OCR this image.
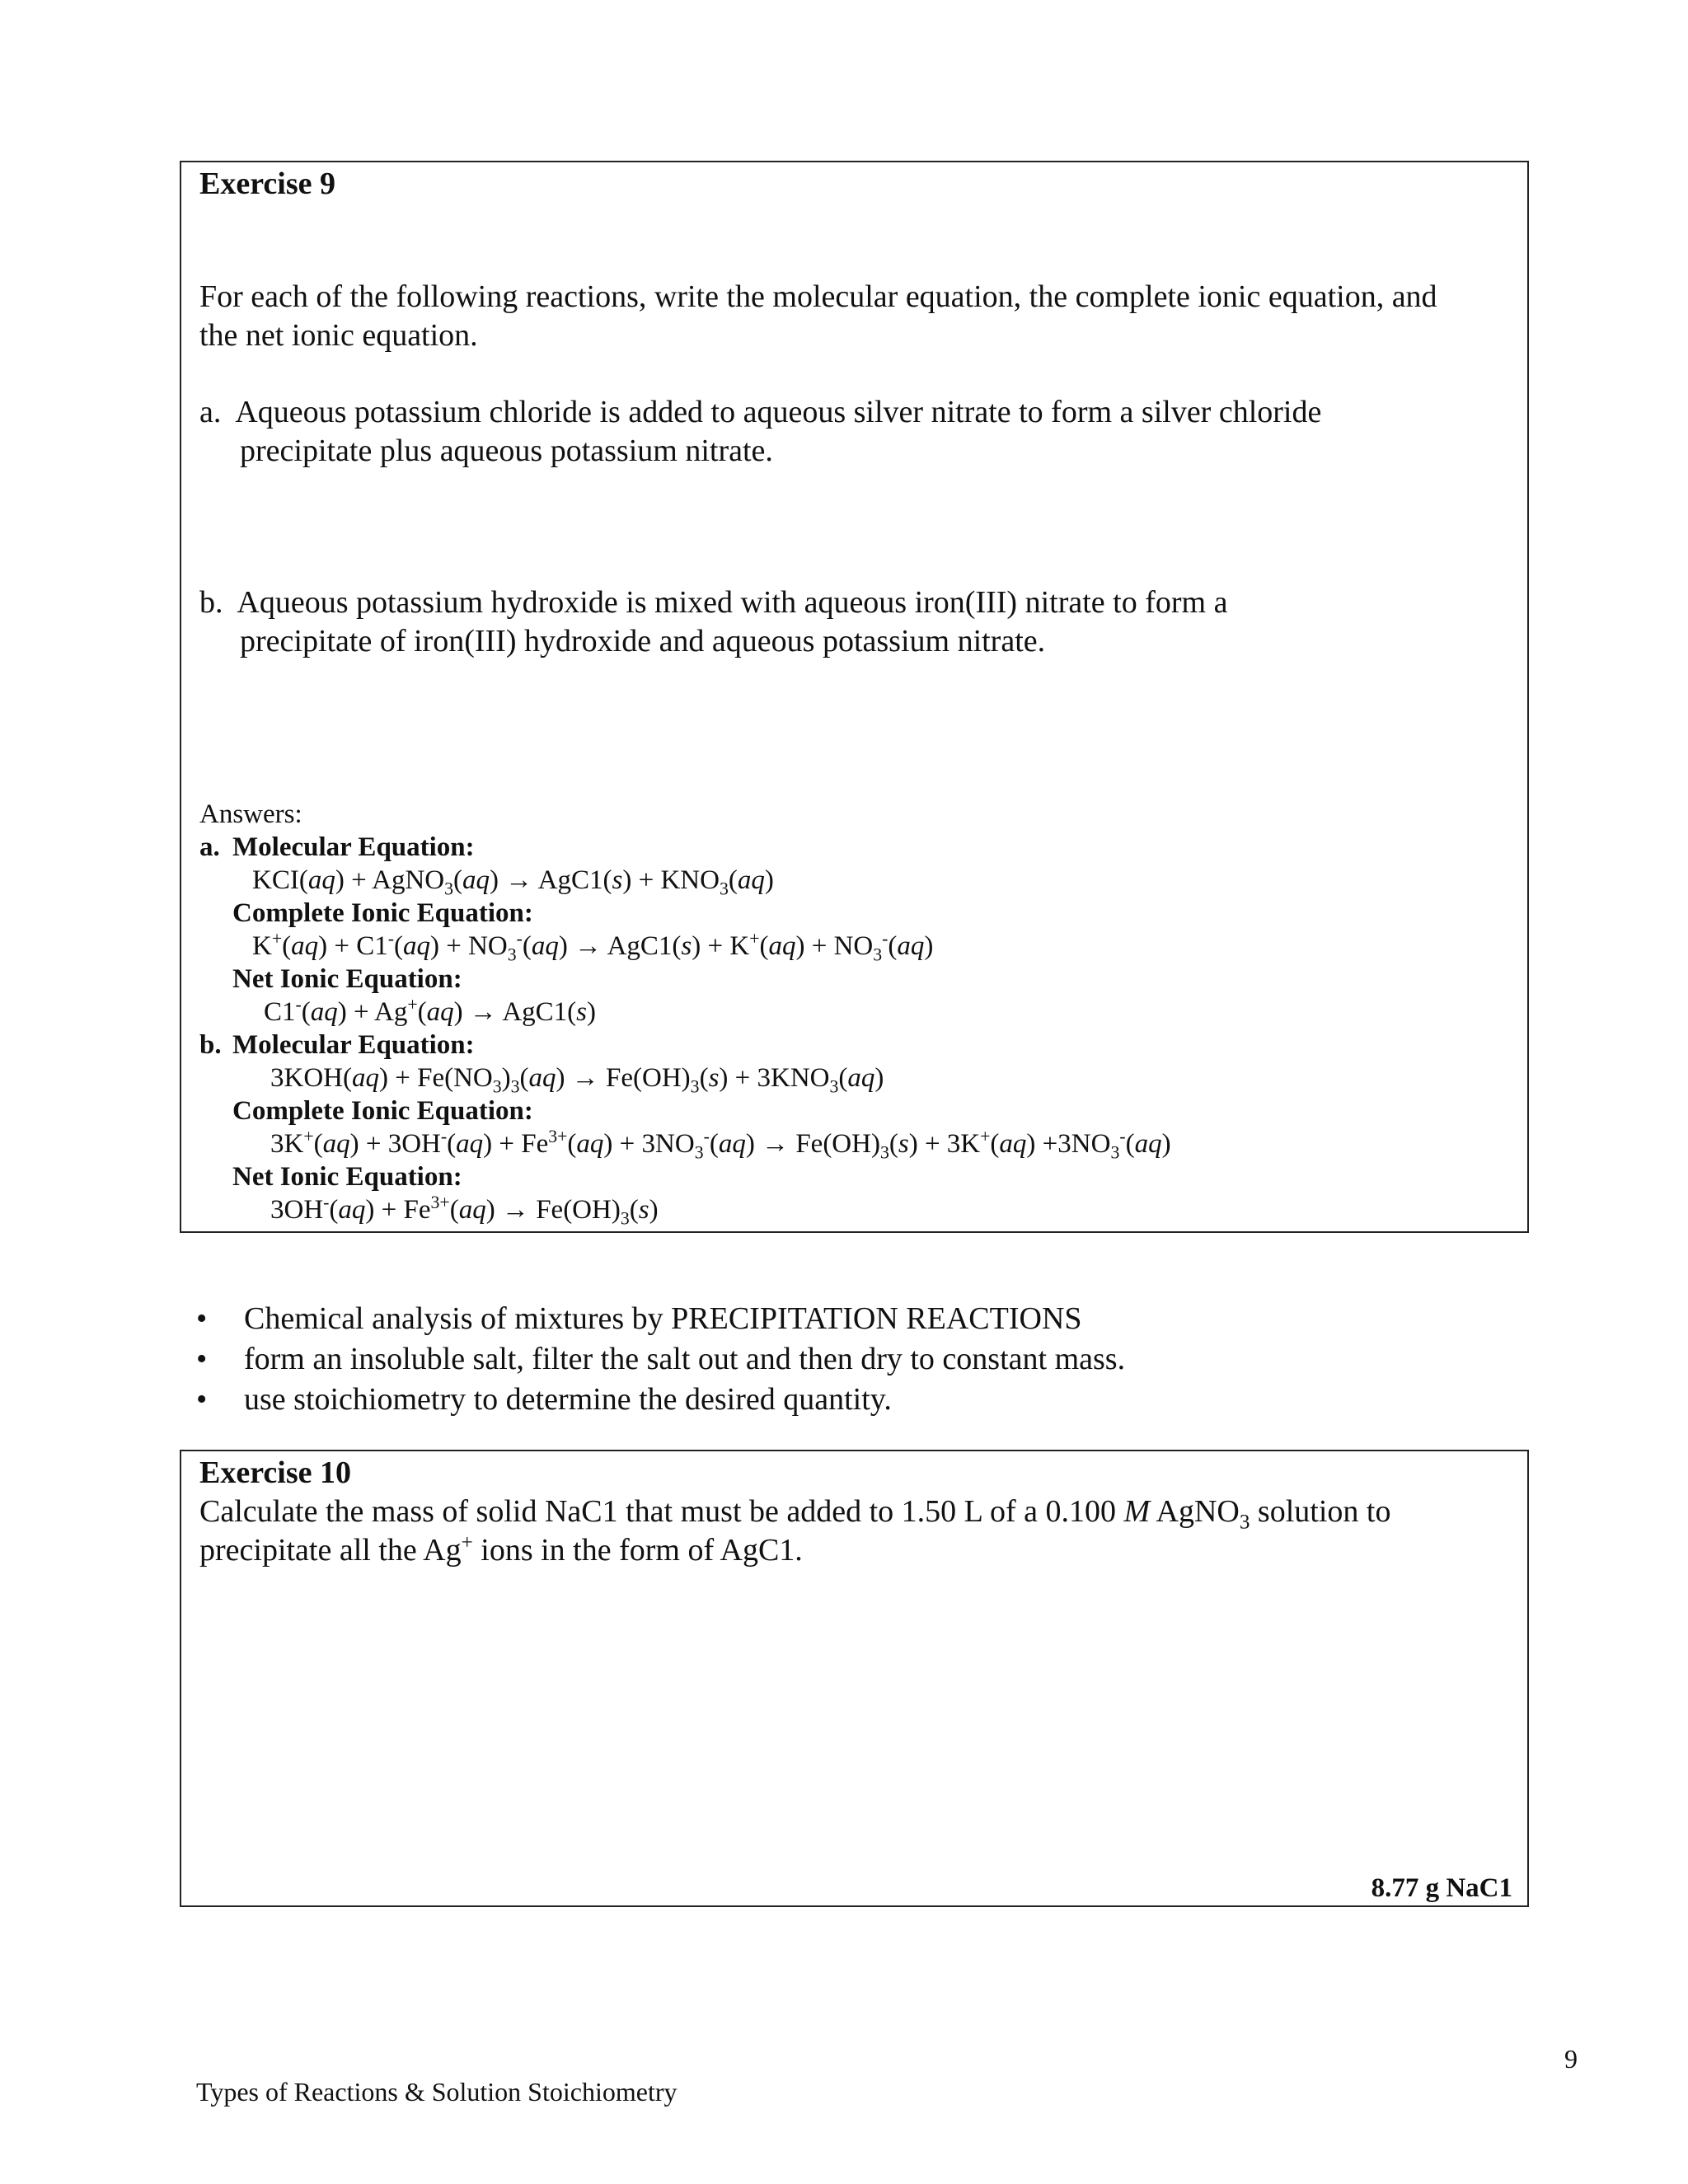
Exercise 9
For each of the following reactions, write the molecular equation, the complete ionic equation, and
the net ionic equation.
a.  Aqueous potassium chloride is added to aqueous silver nitrate to form a silver chloride
precipitate plus aqueous potassium nitrate.
b.  Aqueous potassium hydroxide is mixed with aqueous iron(III) nitrate to form a
precipitate of iron(III) hydroxide and aqueous potassium nitrate.
Answers:
a. Molecular Equation:
KCI(aq) + AgNO$_3$(aq) → $AgC1(s) + KNO_3(aq)$
Complete Ionic Equation:
$K^+(aq) + C1^-(aq) + NO_3^-(aq) \to AgC1(s) + K^+(aq) + NO_3^-(aq)$
Net Ionic Equation:
C1-(aq) + Ag+(aq) → AgC1(s)
b. Molecular Equation:
$3KOH(aq) + Fe(NO_3)_3(aq) \to Fe(OH)_3(s) + 3KNO_3(aq)$
Complete Ionic Equation:
$3K^+(aq) + 3OH^-(aq) + Fe^{3+}(aq) + 3NO_3^-(aq) \to Fe(OH)_3(s) + 3K^+(aq) +3NO_3^-(aq)$
Net Ionic Equation:
$3OH^-(aq) + Fe^{3+}(aq) \to Fe(OH)_3(s)$
• Chemical analysis of mixtures by PRECIPITATION REACTIONS
• form an insoluble salt, filter the salt out and then dry to constant mass.
• use stoichiometry to determine the desired quantity.
Exercise 10
Calculate the mass of solid NaC1 that must be added to 1.50 L of a 0.100 M AgNO$_3$ solution to
precipitate all the Ag+ ions in the form of AgC1.
8.77 g NaC1
9
Types of Reactions & Solution Stoichiometry
